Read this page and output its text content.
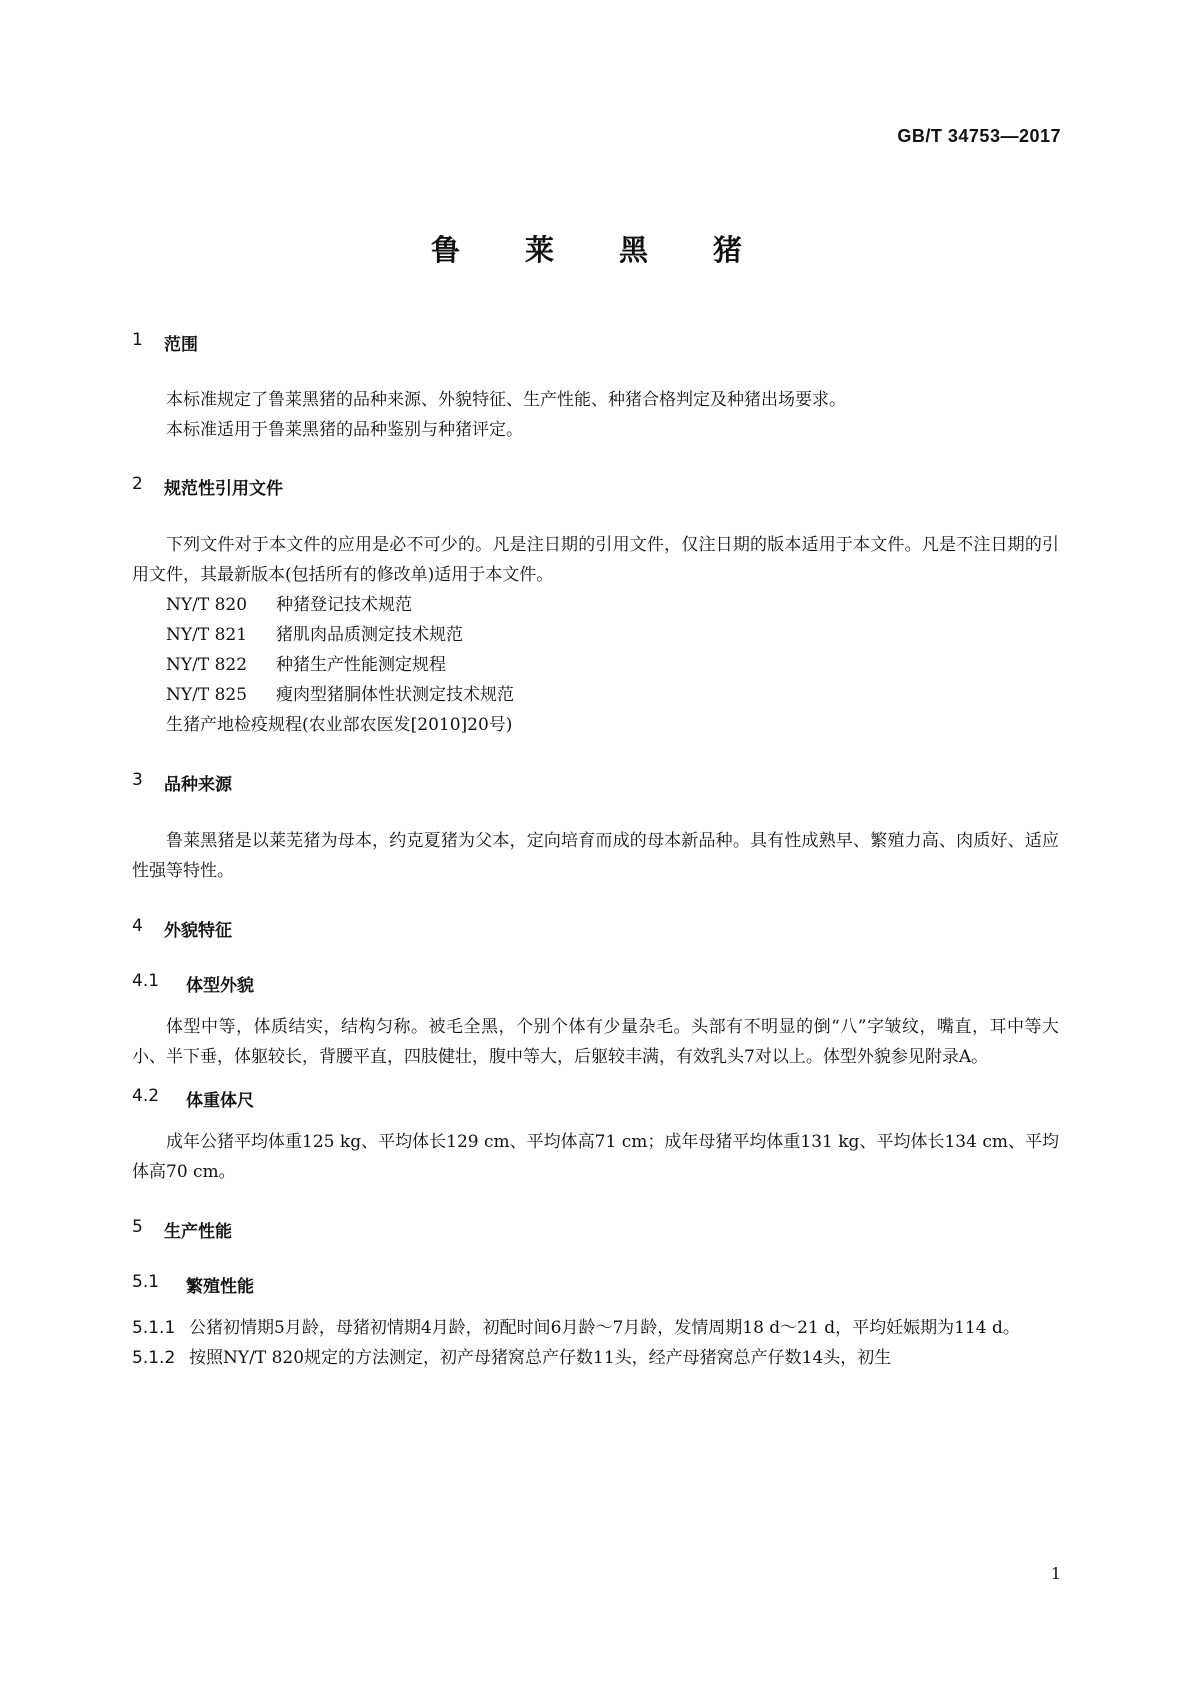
GB/T 34753—2017
鲁　莱　黑　猪
1	范围

本标准规定了鲁莱黑猪的品种来源、外貌特征、生产性能、种猪合格判定及种猪出场要求。

本标准适用于鲁莱黑猪的品种鉴别与种猪评定。

2	规范性引用文件

下列文件对于本文件的应用是必不可少的。凡是注日期的引用文件，仅注日期的版本适用于本文件。凡是不注日期的引用文件，其最新版本(包括所有的修改单)适用于本文件。

NY/T 820 种猪登记技术规范

NY/T 821 猪肌肉品质测定技术规范

NY/T 822 种猪生产性能测定规程

NY/T 825 瘦肉型猪胴体性状测定技术规范

生猪产地检疫规程(农业部农医发[2010]20号)

3	品种来源

鲁莱黑猪是以莱芜猪为母本，约克夏猪为父本，定向培育而成的母本新品种。具有性成熟早、繁殖力高、肉质好、适应性强等特性。

4	外貌特征
4.1	体型外貌

体型中等，体质结实，结构匀称。被毛全黑，个别个体有少量杂毛。头部有不明显的倒“八”字皱纹，嘴直，耳中等大小、半下垂，体躯较长，背腰平直，四肢健壮，腹中等大，后躯较丰满，有效乳头7对以上。体型外貌参见附录A。

4.2	体重体尺

成年公猪平均体重125 kg、平均体长129 cm、平均体高71 cm；成年母猪平均体重131 kg、平均体长134 cm、平均体高70 cm。

5	生产性能
5.1	繁殖性能

5.1.1 公猪初情期5月龄，母猪初情期4月龄，初配时间6月龄～7月龄，发情周期18 d～21 d，平均妊娠期为114 d。

5.1.2 按照NY/T 820规定的方法测定，初产母猪窝总产仔数11头，经产母猪窝总产仔数14头，初生

1
